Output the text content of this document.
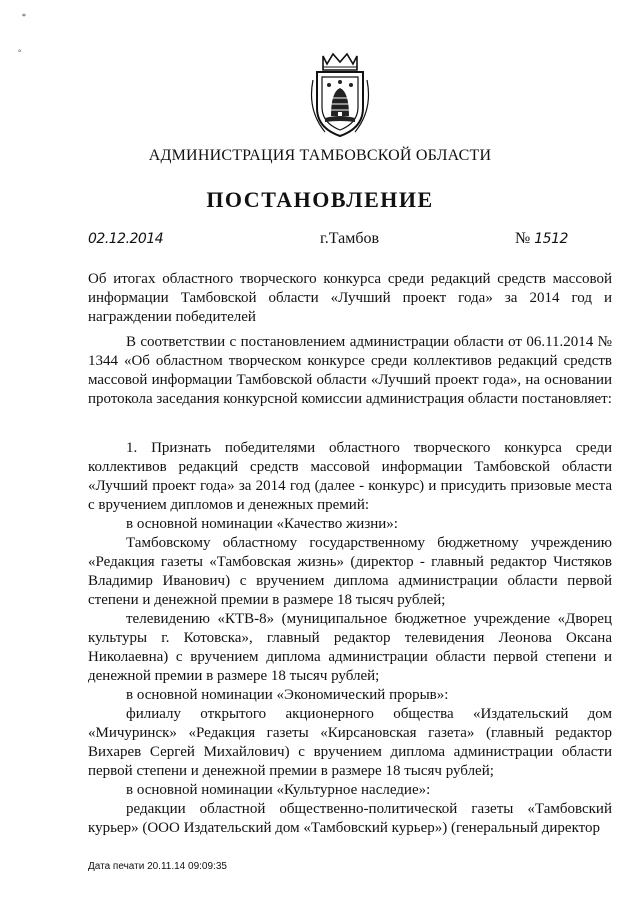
*
°
АДМИНИСТРАЦИЯ ТАМБОВСКОЙ ОБЛАСТИ
ПОСТАНОВЛЕНИЕ
02.12.2014	г.Тамбов	№ 1512
Об итогах областного творческого конкурса среди редакций средств массовой информации Тамбовской области «Лучший проект года» за 2014 год и награждении победителей

В соответствии с постановлением администрации области от 06.11.2014 № 1344 «Об областном творческом конкурсе среди коллективов редакций средств массовой информации Тамбовской области «Лучший проект года», на основании протокола заседания конкурсной комиссии администрация области постановляет:

1. Признать победителями областного творческого конкурса среди коллективов редакций средств массовой информации Тамбовской области «Лучший проект года» за 2014 год (далее - конкурс) и присудить призовые места с вручением дипломов и денежных премий:

в основной номинации «Качество жизни»:

Тамбовскому областному государственному бюджетному учреждению «Редакция газеты «Тамбовская жизнь» (директор - главный редактор Чистяков Владимир Иванович) с вручением диплома администрации области первой степени и денежной премии в размере 18 тысяч рублей;

телевидению «КТВ-8» (муниципальное бюджетное учреждение «Дворец культуры г. Котовска», главный редактор телевидения Леонова Оксана Николаевна) с вручением диплома администрации области первой степени и денежной премии в размере 18 тысяч рублей;

в основной номинации «Экономический прорыв»:

филиалу открытого акционерного общества «Издательский дом «Мичуринск» «Редакция газеты «Кирсановская газета» (главный редактор Вихарев Сергей Михайлович) с вручением диплома администрации области первой степени и денежной премии в размере 18 тысяч рублей;

в основной номинации «Культурное наследие»:

редакции областной общественно-политической газеты «Тамбовский курьер» (ООО Издательский дом «Тамбовский курьер») (генеральный директор

Дата печати 20.11.14 09:09:35
